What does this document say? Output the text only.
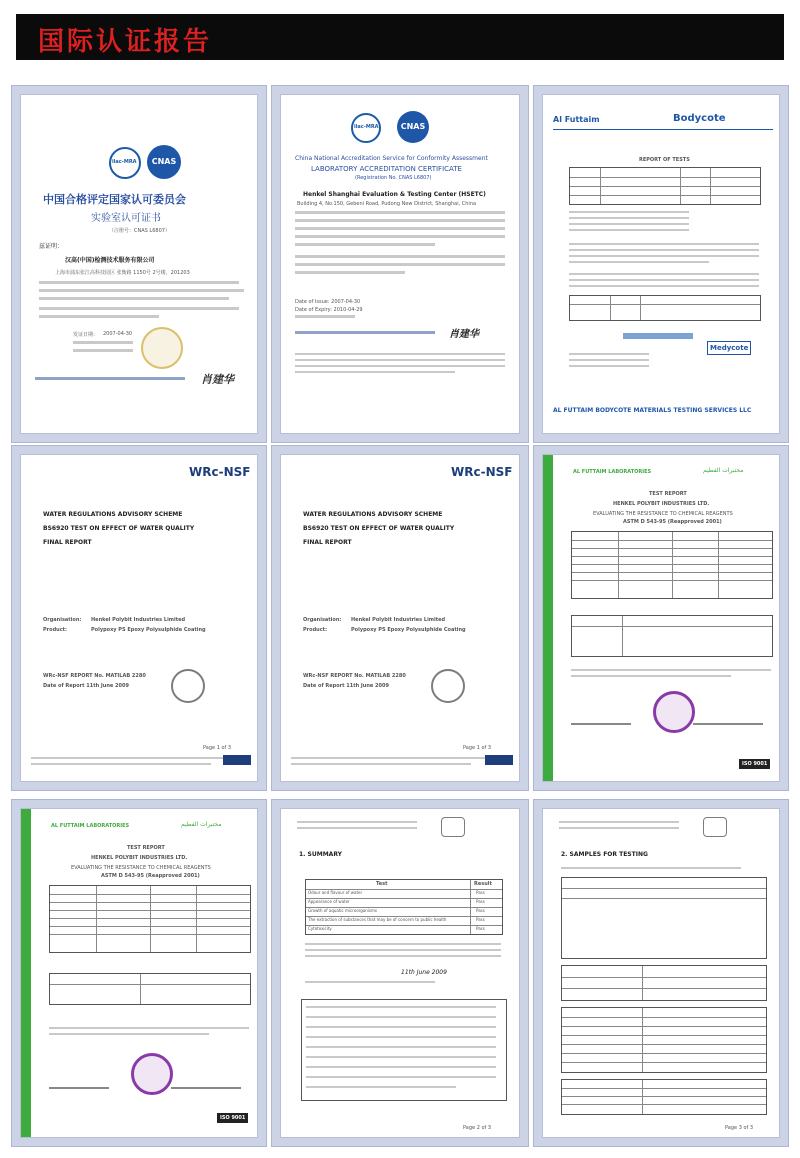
国际认证报告
ilac-MRA	CNAS
中国合格评定国家认可委员会
实验室认可证书
（注册号：CNAS L6807）
兹证明：
汉高(中国)检测技术服务有限公司
上海市浦东张江高科技园区 张衡路 1150号 2号楼，201203
发证日期： 2007-04-30
肖建华
ilac-MRA	CNAS
China National Accreditation Service for Conformity Assessment
LABORATORY ACCREDITATION CERTIFICATE
(Registration No. CNAS L6807)
Henkel Shanghai Evaluation & Testing Center (HSETC)
Building 4, No.150, Gebeni Road, Pudong New District, Shanghai, China
Date of Issue: 2007-04-30
Date of Expiry: 2010-04-29
肖建华
Al Futtaim	Bodycote
REPORT OF TESTS
Medycote
AL FUTTAIM BODYCOTE MATERIALS TESTING SERVICES LLC
WRc-NSF
WATER REGULATIONS ADVISORY SCHEME
BS6920 TEST ON EFFECT OF WATER QUALITY
FINAL REPORT
Organisation: Henkel Polybit Industries Limited
Product:	Polypoxy PS Epoxy Polysulphide Coating
WRc-NSF REPORT No. MATILAB 2280
Date of Report 11th June 2009
Page 1 of 3
WRc-NSF
WATER REGULATIONS ADVISORY SCHEME
BS6920 TEST ON EFFECT OF WATER QUALITY
FINAL REPORT
Organisation: Henkel Polybit Industries Limited
Product:	Polypoxy PS Epoxy Polysulphide Coating
WRc-NSF REPORT No. MATILAB 2280
Date of Report 11th June 2009
Page 1 of 3
AL FUTTAIM LABORATORIES	مختبرات الفطيم
TEST REPORT
HENKEL POLYBIT INDUSTRIES LTD.
EVALUATING THE RESISTANCE TO CHEMICAL REAGENTS
ASTM D 543-95 (Reapproved 2001)

ISO 9001
AL FUTTAIM LABORATORIES	مختبرات الفطيم
TEST REPORT
HENKEL POLYBIT INDUSTRIES LTD.
EVALUATING THE RESISTANCE TO CHEMICAL REAGENTS
ASTM D 543-95 (Reapproved 2001)
ISO 9001
1. SUMMARY
Test	Result
Odour and flavour of water	Pass
Appearance of water	Pass
Growth of aquatic microorganisms	Pass
The extraction of substances that may be of concern to public health	Pass
Cytotoxicity	Pass
11th June 2009
Page 2 of 3
2. SAMPLES FOR TESTING
Page 3 of 3
